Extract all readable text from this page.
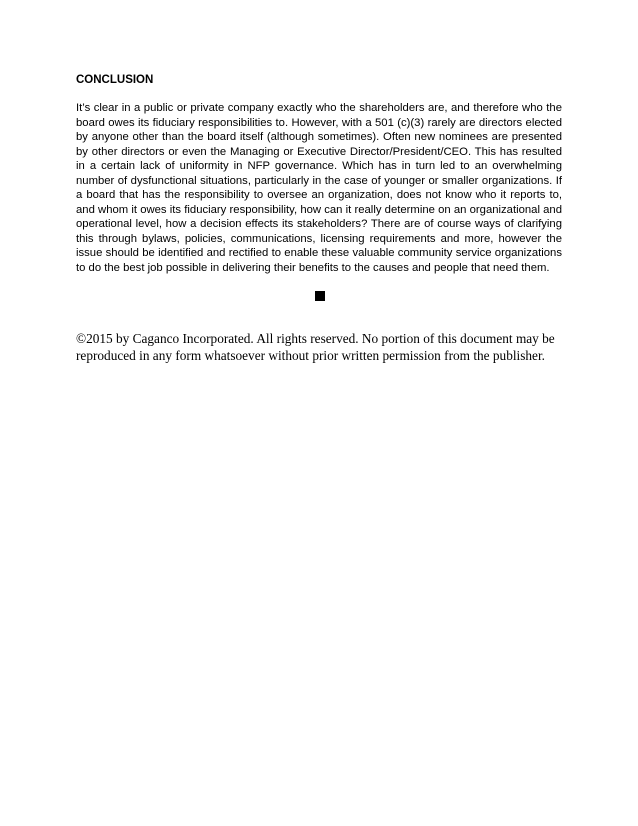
CONCLUSION

It’s clear in a public or private company exactly who the shareholders are, and therefore who the board owes its fiduciary responsibilities to. However, with a 501 (c)(3) rarely are directors elected by anyone other than the board itself (although sometimes). Often new nominees are presented by other directors or even the Managing or Executive Director/President/CEO. This has resulted in a certain lack of uniformity in NFP governance. Which has in turn led to an overwhelming number of dysfunctional situations, particularly in the case of younger or smaller organizations. If a board that has the responsibility to oversee an organization, does not know who it reports to, and whom it owes its fiduciary responsibility, how can it really determine on an organizational and operational level, how a decision effects its stakeholders? There are of course ways of clarifying this through bylaws, policies, communications, licensing requirements and more, however the issue should be identified and rectified to enable these valuable community service organizations to do the best job possible in delivering their benefits to the causes and people that need them.

©2015 by Caganco Incorporated. All rights reserved. No portion of this document may be reproduced in any form whatsoever without prior written permission from the publisher.
